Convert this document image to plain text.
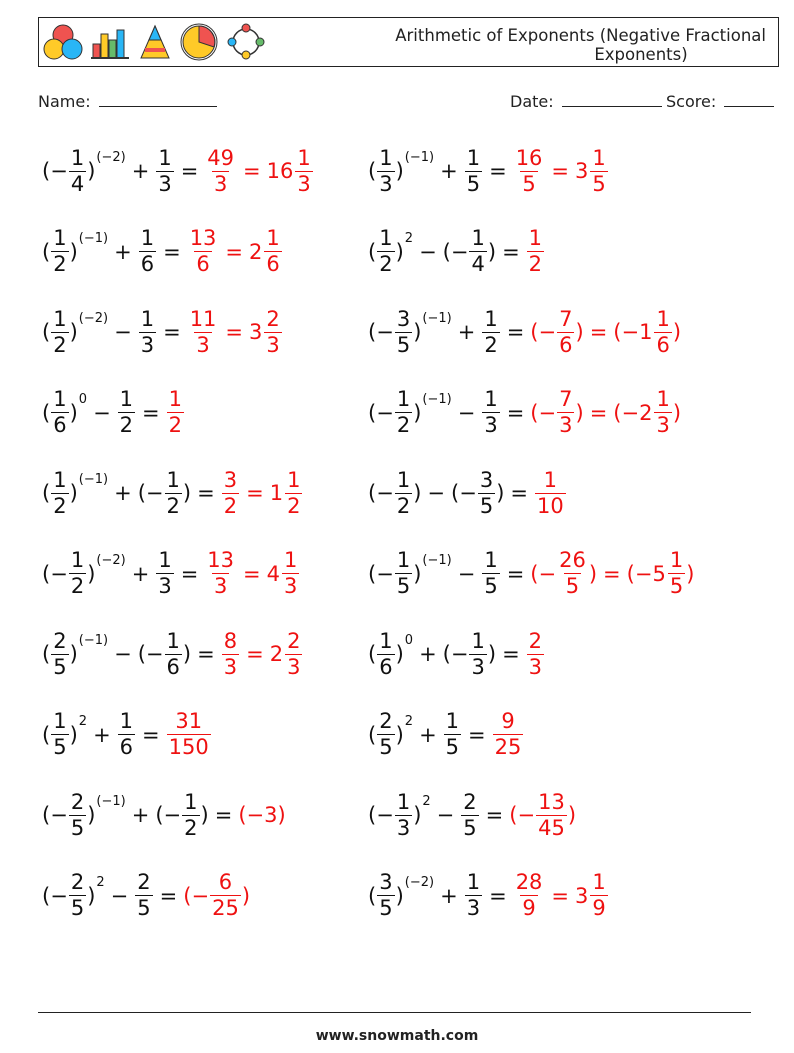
Arithmetic of Exponents (Negative Fractional
Exponents)
Name:	Date:	Score:
( − $\frac{1}{4}$ )
(−2)
+ $\frac{1}{3} = \frac{49}{3} = 16 \frac{1}{3}$	( $\frac{1}{3}$ )
(−1)
+ $\frac{1}{5} = \frac{16}{5} = 3 \frac{1}{5}$
( $\frac{1}{2}$ )
(−1)
+ $\frac{1}{6} = \frac{13}{6} = 2 \frac{1}{6}$	( $\frac{1}{2}$ )
2
− ( − $\frac{1}{4}$ ) = $\frac{1}{2}$
( $\frac{1}{2}$ )
(−2)
− $\frac{1}{3} = \frac{11}{3} = 3 \frac{2}{3}$	( − $\frac{3}{5}$ )
(−1)
+ $\frac{1}{2}$ = ( − $\frac{7}{6}$ ) = ( $-1 \frac{1}{6}$ )
( $\frac{1}{6}$ )
0
− $\frac{1}{2} = \frac{1}{2}$	( − $\frac{1}{2}$ )
(−1)
− $\frac{1}{3}$ = ( − $\frac{7}{3}$ ) = ( $-2 \frac{1}{3}$ )
( $\frac{1}{2}$ )
(−1)
+ ( − $\frac{1}{2}$ ) = $\frac{3}{2} = 1 \frac{1}{2}$	( − $\frac{1}{2}$ ) − ( − $\frac{3}{5}$ ) = $\frac{1}{10}$
( − $\frac{1}{2}$ )
(−2)
+ $\frac{1}{3} = \frac{13}{3} = 4 \frac{1}{3}$	( − $\frac{1}{5}$ )
(−1)
− $\frac{1}{5}$ = ( − $\frac{26}{5}$ ) = ( $-5 \frac{1}{5}$ )
( $\frac{2}{5}$ )
(−1)
− ( − $\frac{1}{6}$ ) = $\frac{8}{3} = 2 \frac{2}{3}$	( $\frac{1}{6}$ )
0
+ ( − $\frac{1}{3}$ ) = $\frac{2}{3}$
( $\frac{1}{5}$ )
2
+ $\frac{1}{6} = \frac{31}{150}$	( $\frac{2}{5}$ )
2
+ $\frac{1}{5} = \frac{9}{25}$
( − $\frac{2}{5}$ )
(−1)
+ ( − $\frac{1}{2}$ ) = (−3)	( − $\frac{1}{3}$ )
2
− $\frac{2}{5}$ = ( − $\frac{13}{45}$ )
( − $\frac{2}{5}$ )
2
− $\frac{2}{5}$ = ( − $\frac{6}{25}$ )	( $\frac{3}{5}$ )
(−2)
+ $\frac{1}{3} = \frac{28}{9} = 3 \frac{1}{9}$
www.snowmath.com
